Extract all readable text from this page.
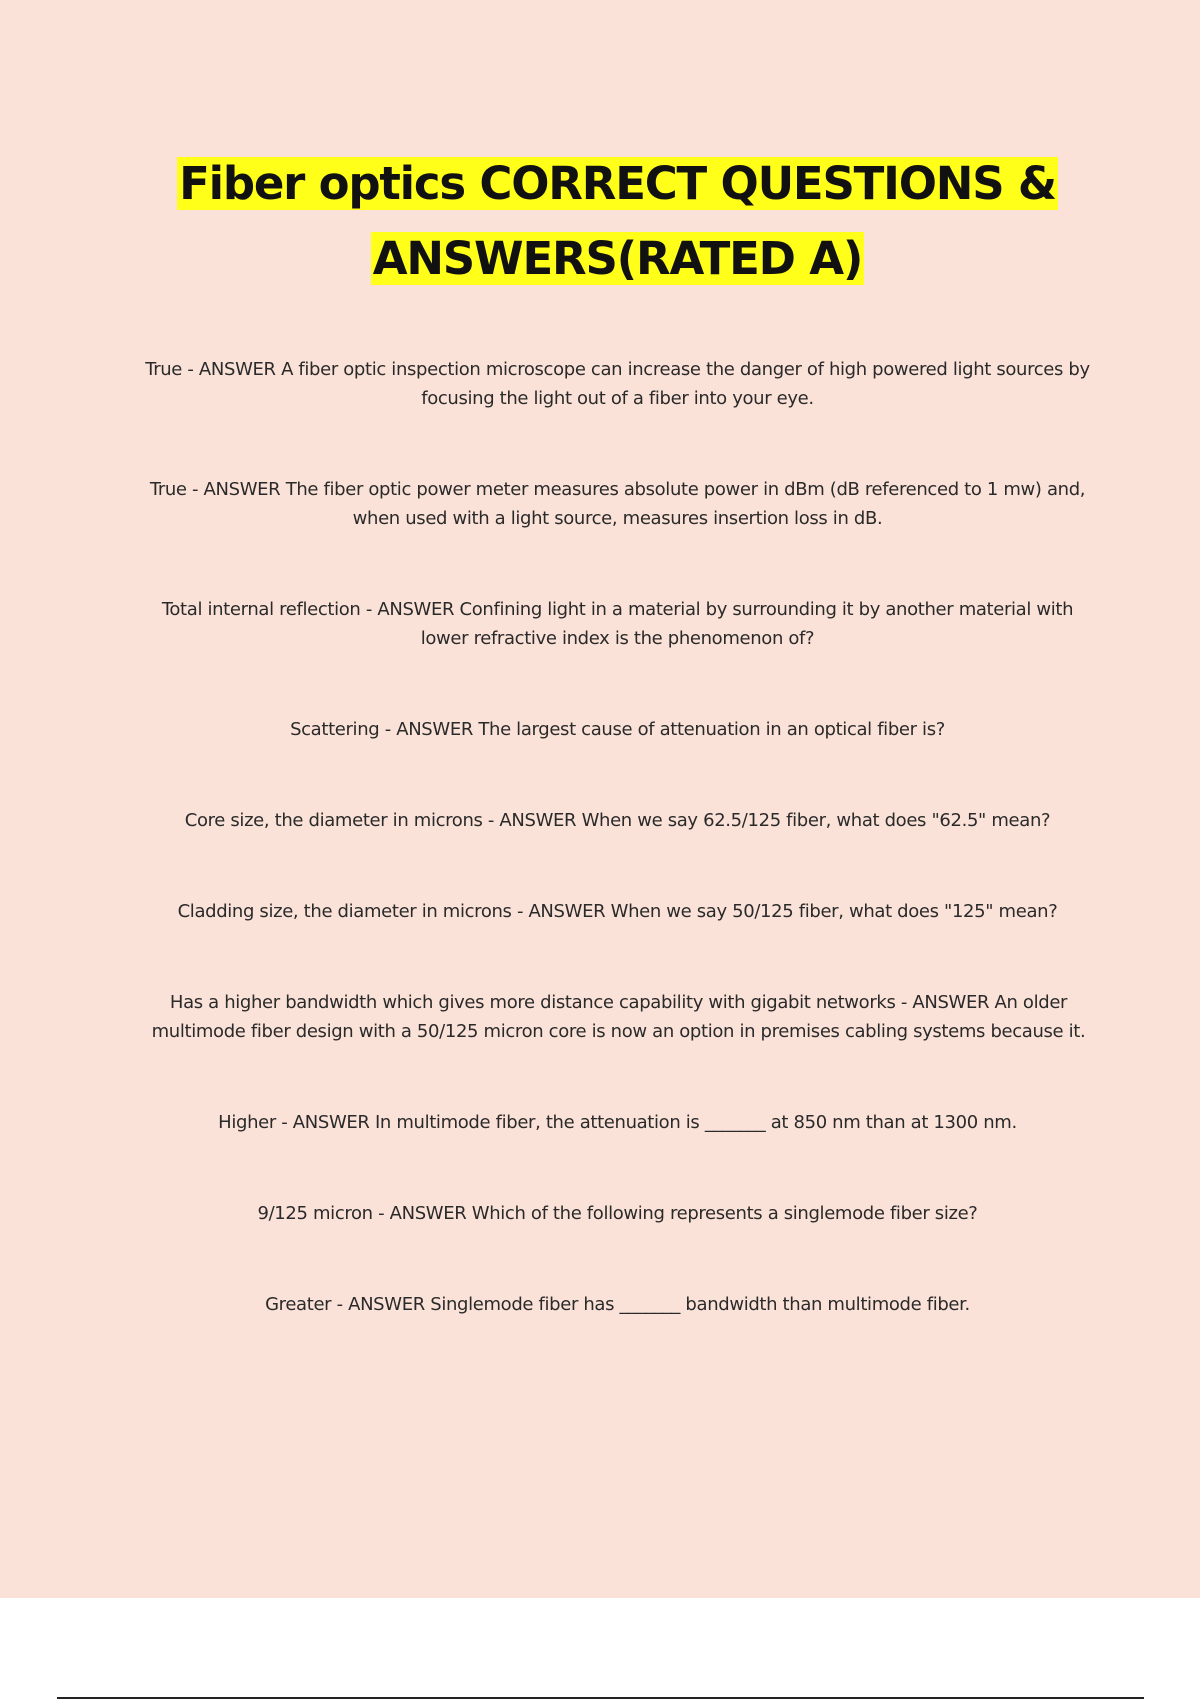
Fiber optics CORRECT QUESTIONS &
ANSWERS(RATED A)

True - ANSWER A fiber optic inspection microscope can increase the danger of high powered light sources by focusing the light out of a fiber into your eye.

True - ANSWER The fiber optic power meter measures absolute power in dBm (dB referenced to 1 mw) and, when used with a light source, measures insertion loss in dB.

Total internal reflection - ANSWER Confining light in a material by surrounding it by another material with lower refractive index is the phenomenon of?

Scattering - ANSWER The largest cause of attenuation in an optical fiber is?

Core size, the diameter in microns - ANSWER When we say 62.5/125 fiber, what does "62.5" mean?

Cladding size, the diameter in microns - ANSWER When we say 50/125 fiber, what does "125" mean?

Has a higher bandwidth which gives more distance capability with gigabit networks - ANSWER An older multimode fiber design with a 50/125 micron core is now an option in premises cabling systems because it.

Higher - ANSWER In multimode fiber, the attenuation is _______ at 850 nm than at 1300 nm.

9/125 micron - ANSWER Which of the following represents a singlemode fiber size?

Greater - ANSWER Singlemode fiber has _______ bandwidth than multimode fiber.
